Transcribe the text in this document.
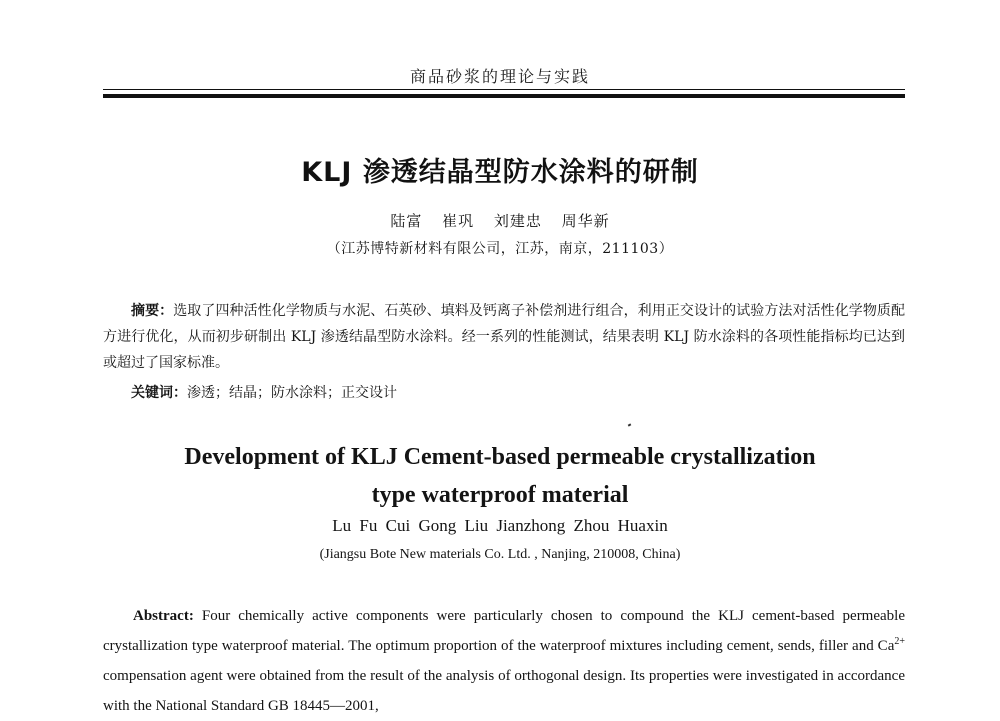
商品砂浆的理论与实践
KLJ 渗透结晶型防水涂料的研制
陆富 崔巩 刘建忠 周华新
（江苏博特新材料有限公司，江苏，南京，211103）
摘要：选取了四种活性化学物质与水泥、石英砂、填料及钙离子补偿剂进行组合，利用正交设计的试验方法对活性化学物质配方进行优化，从而初步研制出 KLJ 渗透结晶型防水涂料。经一系列的性能测试，结果表明 KLJ 防水涂料的各项性能指标均已达到或超过了国家标准。
关键词：渗透；结晶；防水涂料；正交设计
Development of KLJ Cement-based permeable crystallization
type waterproof material
Lu Fu Cui Gong Liu Jianzhong Zhou Huaxin
(Jiangsu Bote New materials Co. Ltd. , Nanjing, 210008, China)
Abstract: Four chemically active components were particularly chosen to compound the KLJ cement-based permeable crystallization type waterproof material. The optimum proportion of the waterproof mixtures including cement, sends, filler and $Ca^{2+}$ compensation agent were obtained from the result of the analysis of orthogonal design. Its properties were investigated in accordance with the National Standard GB 18445—2001,
